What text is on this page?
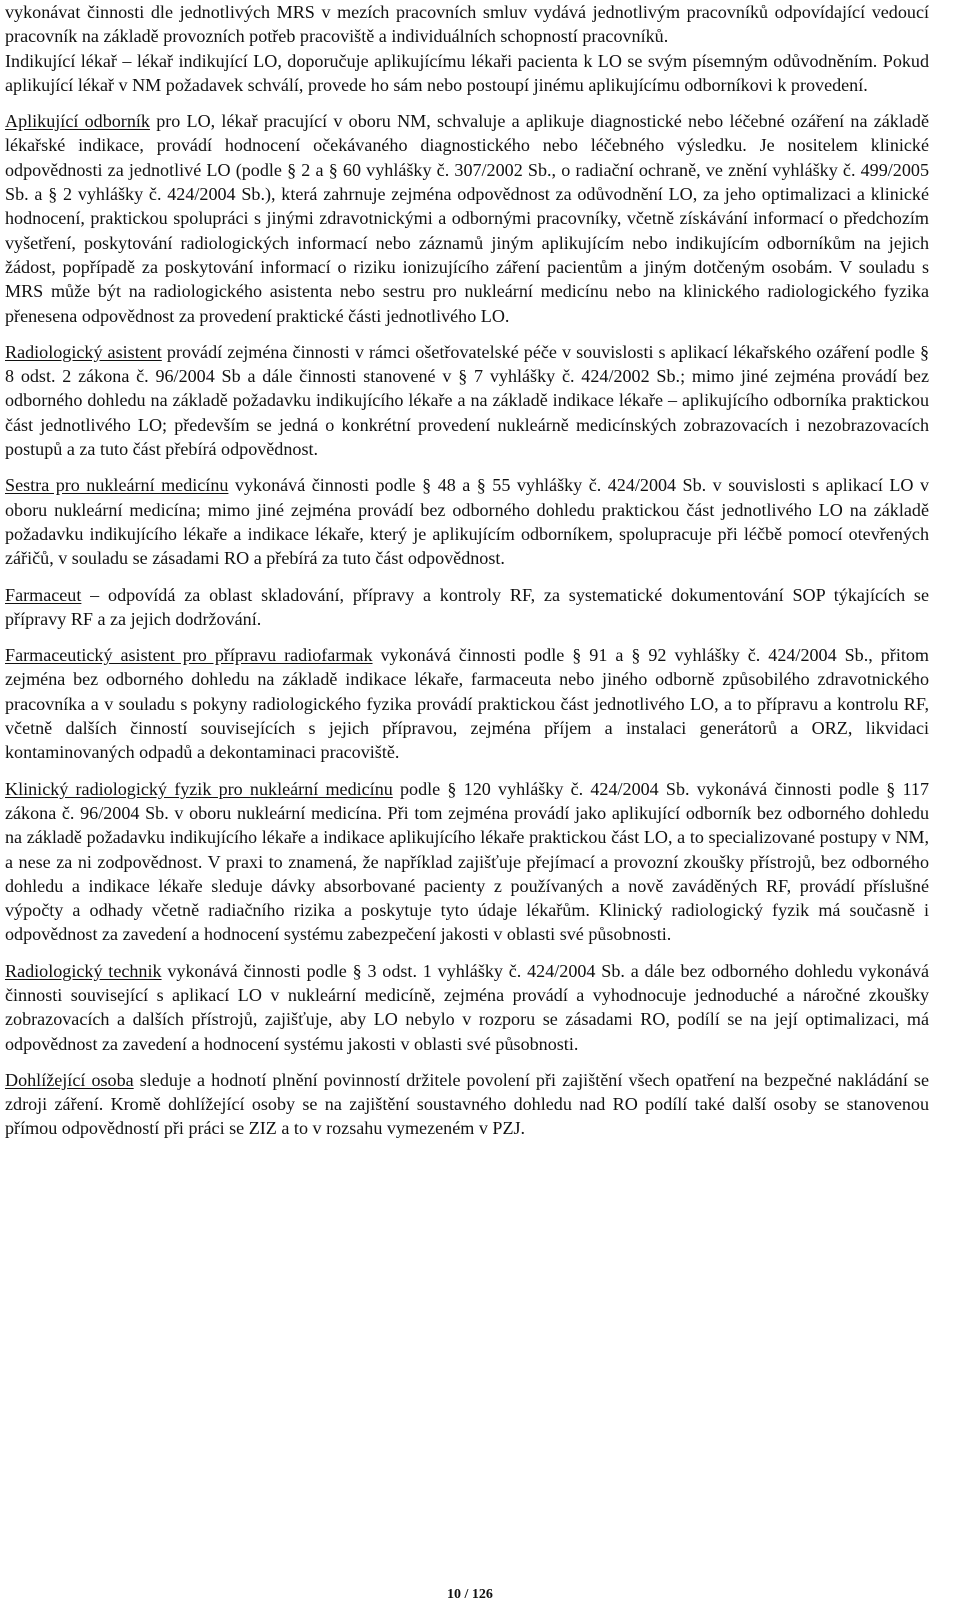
vykonávat činnosti dle jednotlivých MRS v mezích pracovních smluv vydává jednotlivým pracovníků odpovídající vedoucí pracovník na základě provozních potřeb pracoviště a individuálních schopností pracovníků.

Indikující lékař – lékař indikující LO, doporučuje aplikujícímu lékaři pacienta k LO se svým písemným odůvodněním. Pokud aplikující lékař v NM požadavek schválí, provede ho sám nebo postoupí jinému aplikujícímu odborníkovi k provedení.

Aplikující odborník pro LO, lékař pracující v oboru NM, schvaluje a aplikuje diagnostické nebo léčebné ozáření na základě lékařské indikace, provádí hodnocení očekávaného diagnostického nebo léčebného výsledku. Je nositelem klinické odpovědnosti za jednotlivé LO (podle § 2 a § 60 vyhlášky č. 307/2002 Sb., o radiační ochraně, ve znění vyhlášky č. 499/2005 Sb. a § 2 vyhlášky č. 424/2004 Sb.), která zahrnuje zejména odpovědnost za odůvodnění LO, za jeho optimalizaci a klinické hodnocení, praktickou spolupráci s jinými zdravotnickými a odbornými pracovníky, včetně získávání informací o předchozím vyšetření, poskytování radiologických informací nebo záznamů jiným aplikujícím nebo indikujícím odborníkům na jejich žádost, popřípadě za poskytování informací o riziku ionizujícího záření pacientům a jiným dotčeným osobám. V souladu s MRS může být na radiologického asistenta nebo sestru pro nukleární medicínu nebo na klinického radiologického fyzika přenesena odpovědnost za provedení praktické části jednotlivého LO.

Radiologický asistent provádí zejména činnosti v rámci ošetřovatelské péče v souvislosti s aplikací lékařského ozáření podle § 8 odst. 2 zákona č. 96/2004 Sb a dále činnosti stanovené v § 7 vyhlášky č. 424/2002 Sb.; mimo jiné zejména provádí bez odborného dohledu na základě požadavku indikujícího lékaře a na základě indikace lékaře – aplikujícího odborníka praktickou část jednotlivého LO; především se jedná o konkrétní provedení nukleárně medicínských zobrazovacích i nezobrazovacích postupů a za tuto část přebírá odpovědnost.

Sestra pro nukleární medicínu vykonává činnosti podle § 48 a § 55 vyhlášky č. 424/2004 Sb. v souvislosti s aplikací LO v oboru nukleární medicína; mimo jiné zejména provádí bez odborného dohledu praktickou část jednotlivého LO na základě požadavku indikujícího lékaře a indikace lékaře, který je aplikujícím odborníkem, spolupracuje při léčbě pomocí otevřených zářičů, v souladu se zásadami RO a přebírá za tuto část odpovědnost.

Farmaceut – odpovídá za oblast skladování, přípravy a kontroly RF, za systematické dokumentování SOP týkajících se přípravy RF a za jejich dodržování.

Farmaceutický asistent pro přípravu radiofarmak vykonává činnosti podle § 91 a § 92 vyhlášky č. 424/2004 Sb., přitom zejména bez odborného dohledu na základě indikace lékaře, farmaceuta nebo jiného odborně způsobilého zdravotnického pracovníka a v souladu s pokyny radiologického fyzika provádí praktickou část jednotlivého LO, a to přípravu a kontrolu RF, včetně dalších činností souvisejících s jejich přípravou, zejména příjem a instalaci generátorů a ORZ, likvidaci kontaminovaných odpadů a dekontaminaci pracoviště.

Klinický radiologický fyzik pro nukleární medicínu podle § 120 vyhlášky č. 424/2004 Sb. vykonává činnosti podle § 117 zákona č. 96/2004 Sb. v oboru nukleární medicína. Při tom zejména provádí jako aplikující odborník bez odborného dohledu na základě požadavku indikujícího lékaře a indikace aplikujícího lékaře praktickou část LO, a to specializované postupy v NM, a nese za ni zodpovědnost. V praxi to znamená, že například zajišťuje přejímací a provozní zkoušky přístrojů, bez odborného dohledu a indikace lékaře sleduje dávky absorbované pacienty z používaných a nově zaváděných RF, provádí příslušné výpočty a odhady včetně radiačního rizika a poskytuje tyto údaje lékařům. Klinický radiologický fyzik má současně i odpovědnost za zavedení a hodnocení systému zabezpečení jakosti v oblasti své působnosti.

Radiologický technik vykonává činnosti podle § 3 odst. 1 vyhlášky č. 424/2004 Sb. a dále bez odborného dohledu vykonává činnosti související s aplikací LO v nukleární medicíně, zejména provádí a vyhodnocuje jednoduché a náročné zkoušky zobrazovacích a dalších přístrojů, zajišťuje, aby LO nebylo v rozporu se zásadami RO, podílí se na její optimalizaci, má odpovědnost za zavedení a hodnocení systému jakosti v oblasti své působnosti.

Dohlížející osoba sleduje a hodnotí plnění povinností držitele povolení při zajištění všech opatření na bezpečné nakládání se zdroji záření. Kromě dohlížející osoby se na zajištění soustavného dohledu nad RO podílí také další osoby se stanovenou přímou odpovědností při práci se ZIZ a to v rozsahu vymezeném v PZJ.

10 / 126
